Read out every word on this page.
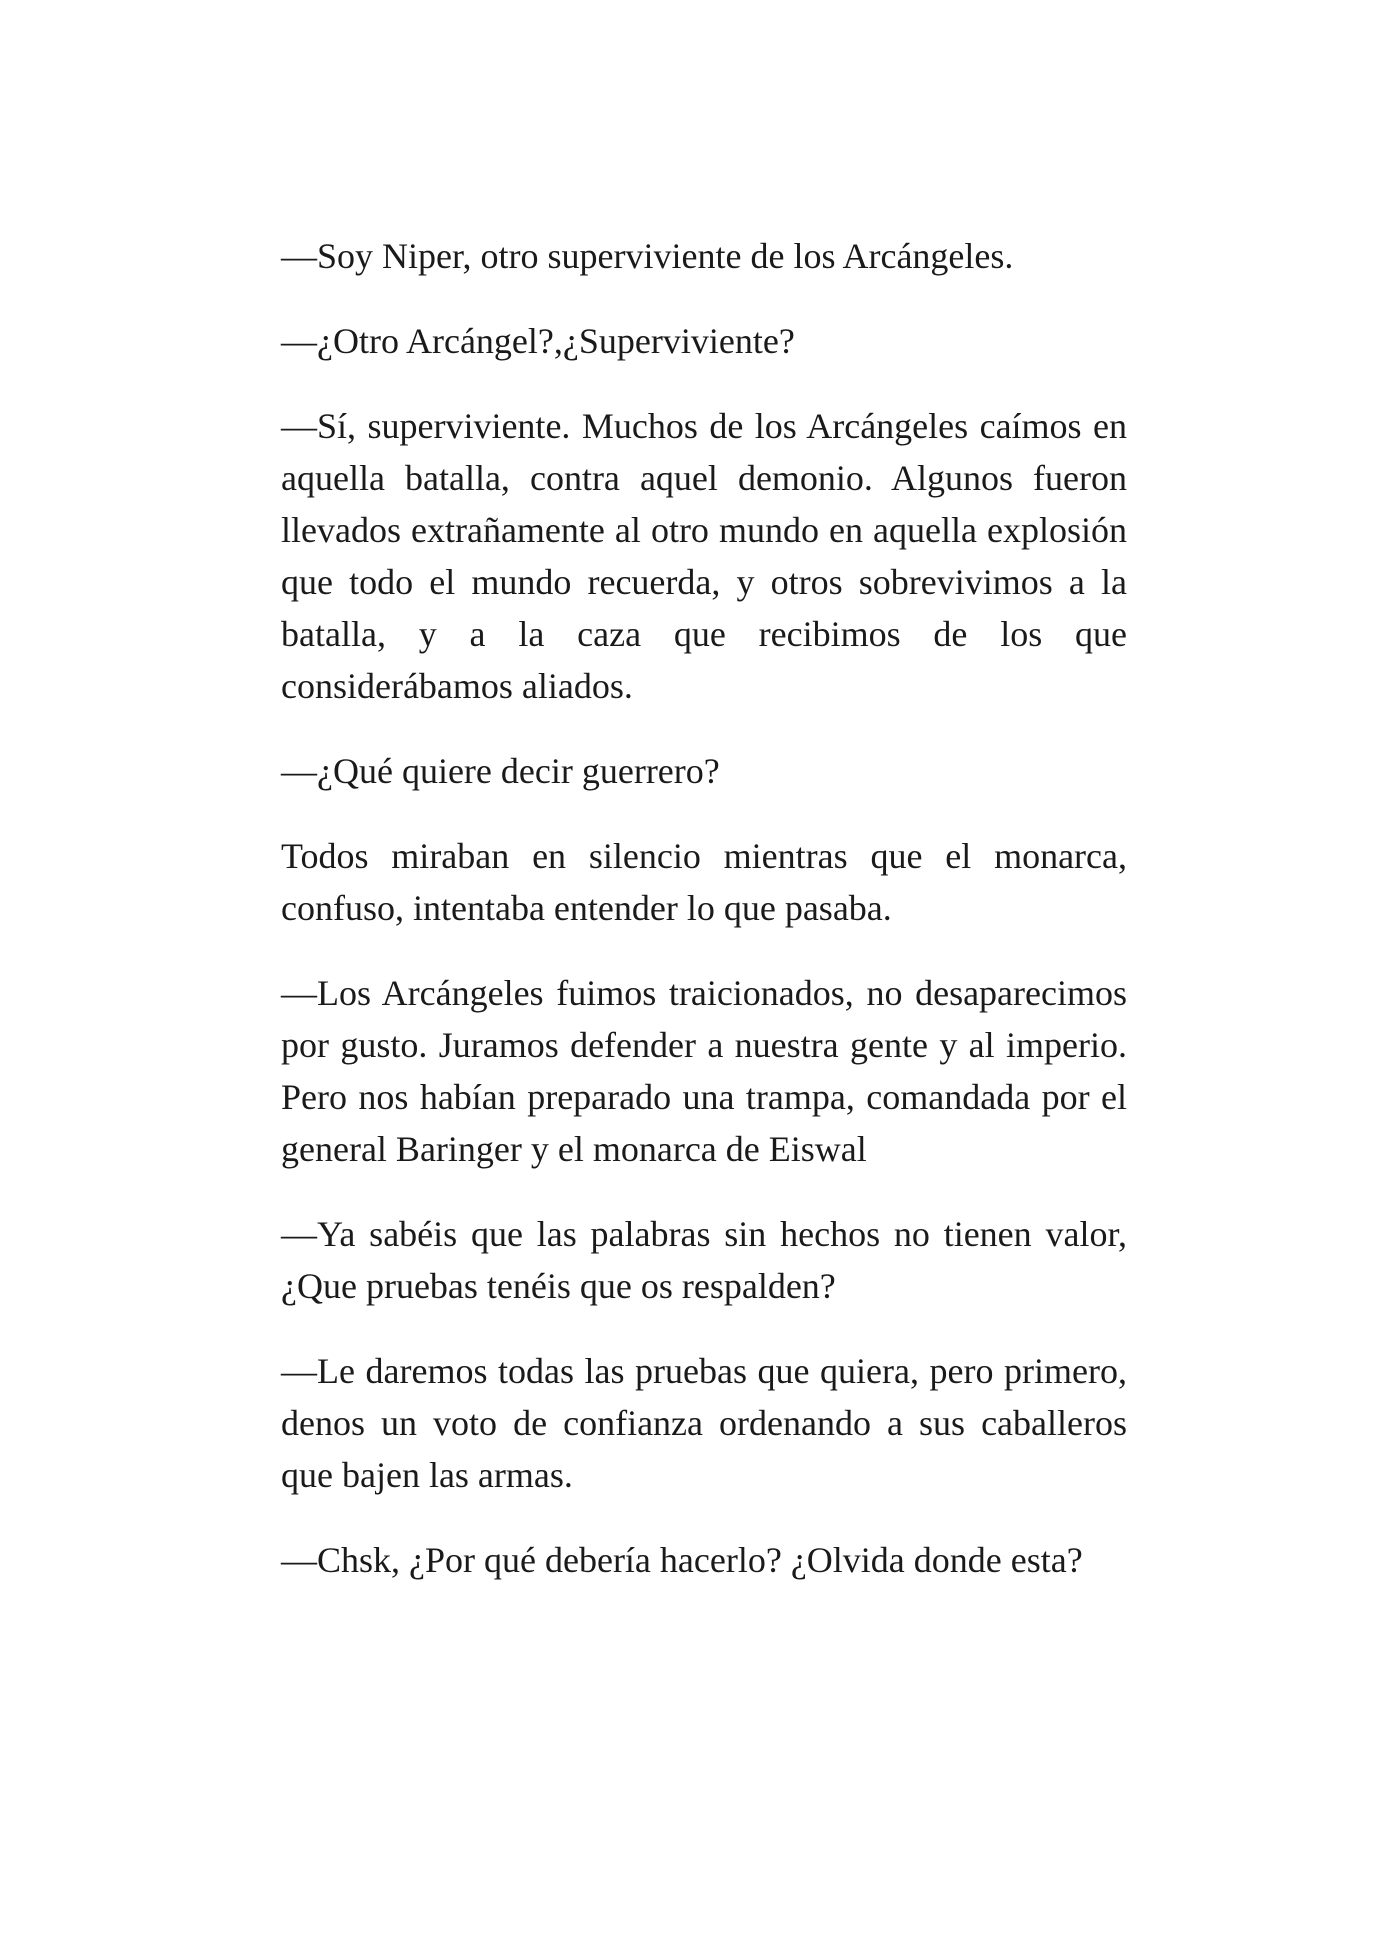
—Soy Niper, otro superviviente de los Arcángeles.

—¿Otro Arcángel?,¿Superviviente?

—Sí, superviviente. Muchos de los Arcángeles caímos en aquella batalla, contra aquel demonio. Algunos fueron llevados extrañamente al otro mundo en aquella explosión que todo el mundo recuerda, y otros sobrevivimos a la batalla, y a la caza que recibimos de los que considerábamos aliados.

—¿Qué quiere decir guerrero?

Todos miraban en silencio mientras que el monarca, confuso, intentaba entender lo que pasaba.

—Los Arcángeles fuimos traicionados, no desaparecimos por gusto. Juramos defender a nuestra gente y al imperio. Pero nos habían preparado una trampa, comandada por el general Baringer y el monarca de Eiswal

—Ya sabéis que las palabras sin hechos no tienen valor, ¿Que pruebas tenéis que os respalden?

—Le daremos todas las pruebas que quiera, pero primero, denos un voto de confianza ordenando a sus caballeros que bajen las armas.

—Chsk, ¿Por qué debería hacerlo? ¿Olvida donde esta?
